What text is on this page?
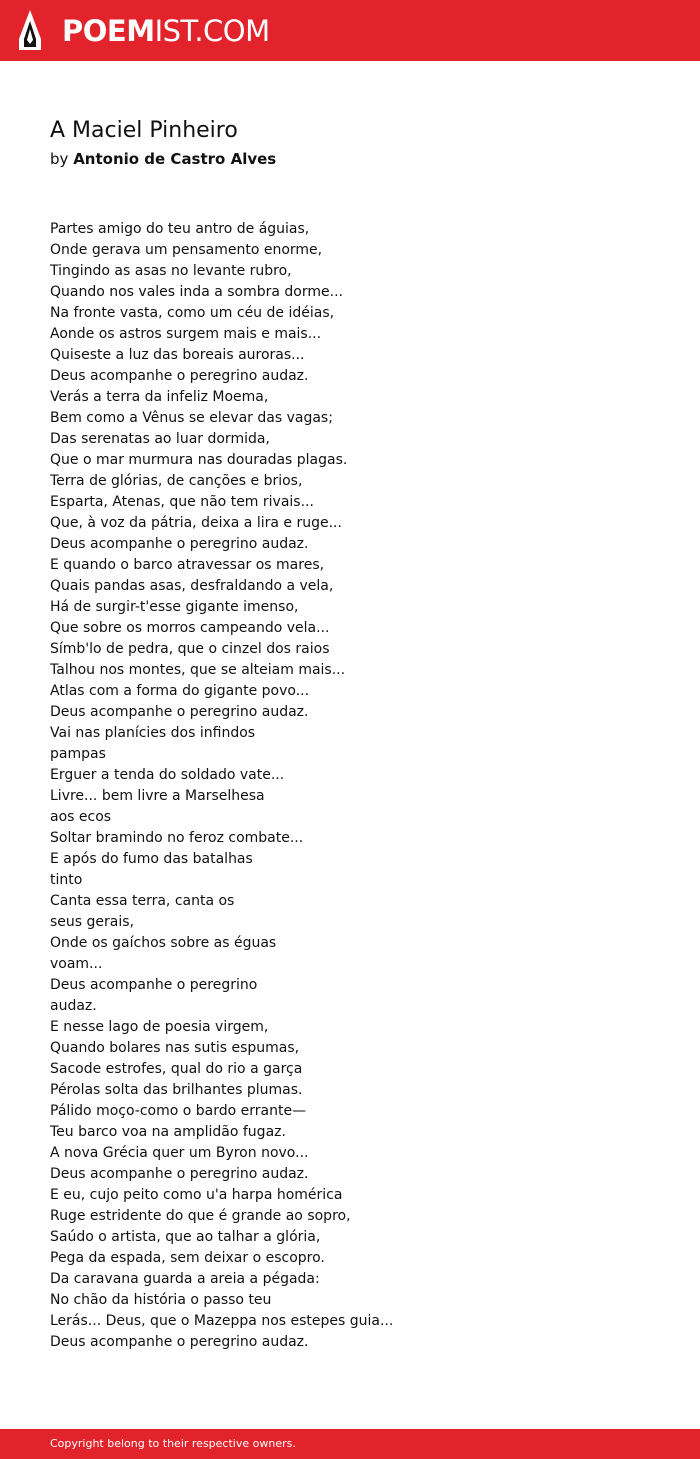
POEMIST.COM
A Maciel Pinheiro
by Antonio de Castro Alves
Partes amigo do teu antro de águias,
Onde gerava um pensamento enorme,
Tingindo as asas no levante rubro,
Quando nos vales inda a sombra dorme...
Na fronte vasta, como um céu de idéias,
Aonde os astros surgem mais e mais...
Quiseste a luz das boreais auroras...
Deus acompanhe o peregrino audaz.
Verás a terra da infeliz Moema,
Bem como a Vênus se elevar das vagas;
Das serenatas ao luar dormida,
Que o mar murmura nas douradas plagas.
Terra de glórias, de canções e brios,
Esparta, Atenas, que não tem rivais...
Que, à voz da pátria, deixa a lira e ruge...
Deus acompanhe o peregrino audaz.
E quando o barco atravessar os mares,
Quais pandas asas, desfraldando a vela,
Há de surgir-t'esse gigante imenso,
Que sobre os morros campeando vela...
Símb'lo de pedra, que o cinzel dos raios
Talhou nos montes, que se alteiam mais...
Atlas com a forma do gigante povo...
Deus acompanhe o peregrino audaz.
Vai nas planícies dos infindos
pampas
Erguer a tenda do soldado vate...
Livre... bem livre a Marselhesa
aos ecos
Soltar bramindo no feroz combate...
E após do fumo das batalhas
tinto
Canta essa terra, canta os
seus gerais,
Onde os gaíchos sobre as éguas
voam...
Deus acompanhe o peregrino
audaz.
E nesse lago de poesia virgem,
Quando bolares nas sutis espumas,
Sacode estrofes, qual do rio a garça
Pérolas solta das brilhantes plumas.
Pálido moço-como o bardo errante—
Teu barco voa na amplidão fugaz.
A nova Grécia quer um Byron novo...
Deus acompanhe o peregrino audaz.
E eu, cujo peito como u'a harpa homérica
Ruge estridente do que é grande ao sopro,
Saúdo o artista, que ao talhar a glória,
Pega da espada, sem deixar o escopro.
Da caravana guarda a areia a pégada:
No chão da história o passo teu
Lerás... Deus, que o Mazeppa nos estepes guia...
Deus acompanhe o peregrino audaz.
Copyright belong to their respective owners.
